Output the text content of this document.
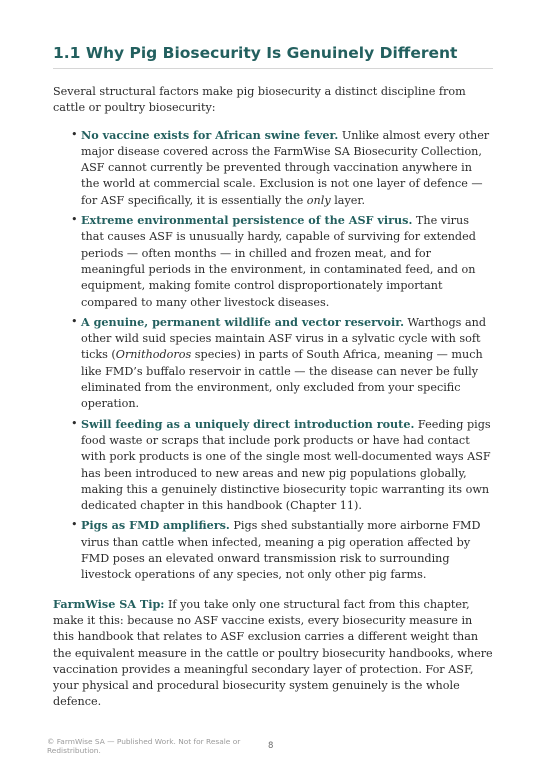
1.1 Why Pig Biosecurity Is Genuinely Different

Several structural factors make pig biosecurity a distinct discipline from cattle or poultry biosecurity:

• No vaccine exists for African swine fever. Unlike almost every other major disease covered across the FarmWise SA Biosecurity Collection, ASF cannot currently be prevented through vaccination anywhere in the world at commercial scale. Exclusion is not one layer of defence — for ASF specifically, it is essentially the only layer.
• Extreme environmental persistence of the ASF virus. The virus that causes ASF is unusually hardy, capable of surviving for extended periods — often months — in chilled and frozen meat, and for meaningful periods in the environment, in contaminated feed, and on equipment, making fomite control disproportionately important compared to many other livestock diseases.
• A genuine, permanent wildlife and vector reservoir. Warthogs and other wild suid species maintain ASF virus in a sylvatic cycle with soft ticks (Ornithodoros species) in parts of South Africa, meaning — much like FMD’s buffalo reservoir in cattle — the disease can never be fully eliminated from the environment, only excluded from your specific operation.
• Swill feeding as a uniquely direct introduction route. Feeding pigs food waste or scraps that include pork products or have had contact with pork products is one of the single most well-documented ways ASF has been introduced to new areas and new pig populations globally, making this a genuinely distinctive biosecurity topic warranting its own dedicated chapter in this handbook (Chapter 11).
• Pigs as FMD amplifiers. Pigs shed substantially more airborne FMD virus than cattle when infected, meaning a pig operation affected by FMD poses an elevated onward transmission risk to surrounding livestock operations of any species, not only other pig farms.

FarmWise SA Tip: If you take only one structural fact from this chapter, make it this: because no ASF vaccine exists, every biosecurity measure in this handbook that relates to ASF exclusion carries a different weight than the equivalent measure in the cattle or poultry biosecurity handbooks, where vaccination provides a meaningful secondary layer of protection. For ASF, your physical and procedural biosecurity system genuinely is the whole defence.

© FarmWise SA — Published Work. Not for Resale or Redistribution.	8
